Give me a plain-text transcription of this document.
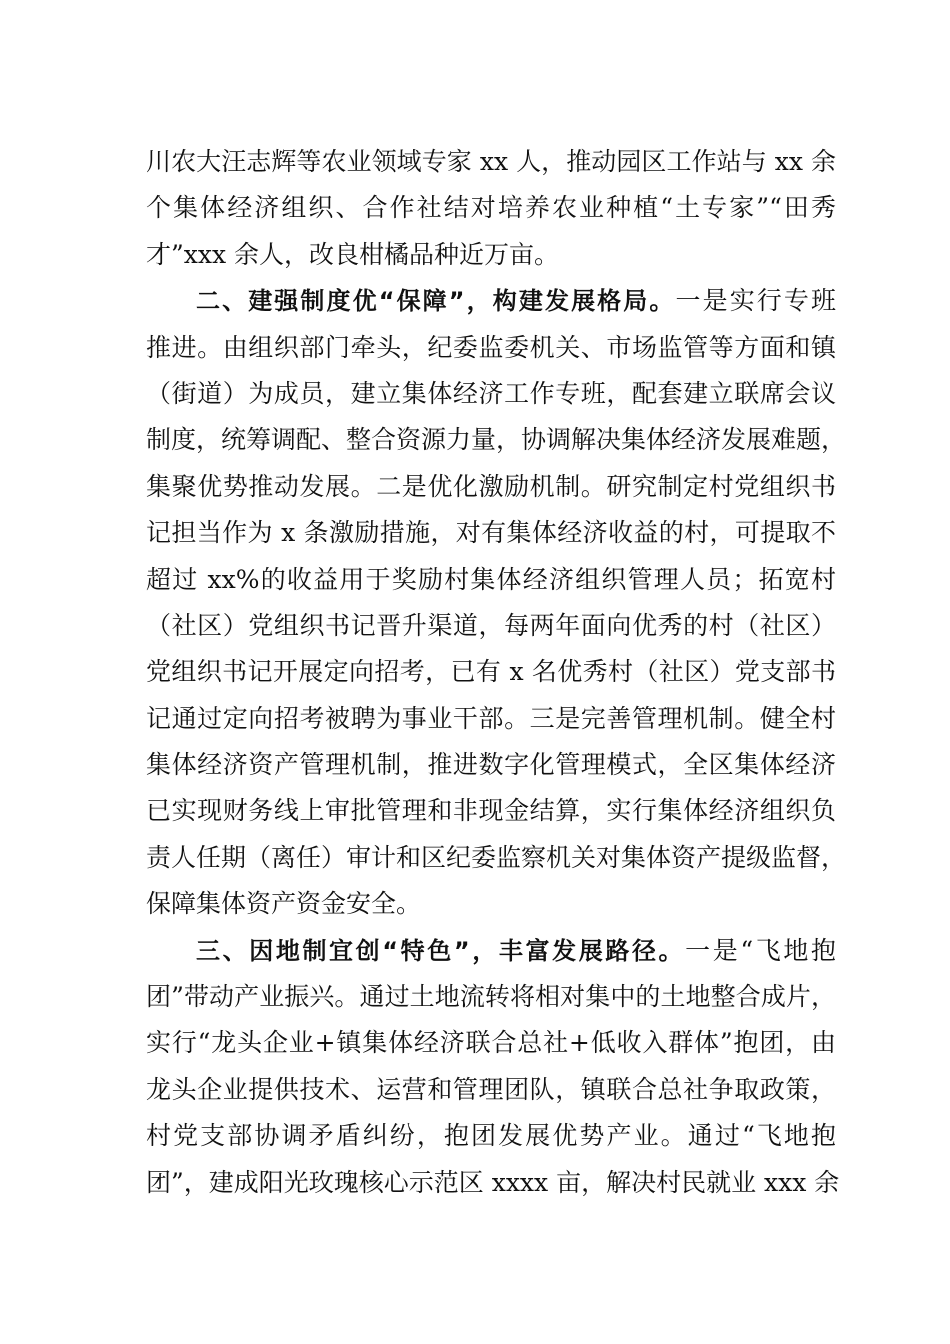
川农大汪志辉等农业领域专家 xx 人，推动园区工作站与 xx 余
个集体经济组织、合作社结对培养农业种植“土专家”“田秀
才”xxx 余人，改良柑橘品种近万亩。
二、建强制度优“保障”，构建发展格局。一是实行专班
推进。由组织部门牵头，纪委监委机关、市场监管等方面和镇
（街道）为成员，建立集体经济工作专班，配套建立联席会议
制度，统筹调配、整合资源力量，协调解决集体经济发展难题，
集聚优势推动发展。二是优化激励机制。研究制定村党组织书
记担当作为 x 条激励措施，对有集体经济收益的村，可提取不
超过 xx%的收益用于奖励村集体经济组织管理人员；拓宽村
（社区）党组织书记晋升渠道，每两年面向优秀的村（社区）
党组织书记开展定向招考，已有 x 名优秀村（社区）党支部书
记通过定向招考被聘为事业干部。三是完善管理机制。健全村
集体经济资产管理机制，推进数字化管理模式，全区集体经济
已实现财务线上审批管理和非现金结算，实行集体经济组织负
责人任期（离任）审计和区纪委监察机关对集体资产提级监督，
保障集体资产资金安全。
三、因地制宜创“特色”，丰富发展路径。一是“飞地抱
团”带动产业振兴。通过土地流转将相对集中的土地整合成片，
实行“龙头企业+镇集体经济联合总社+低收入群体”抱团，由
龙头企业提供技术、运营和管理团队，镇联合总社争取政策，
村党支部协调矛盾纠纷，抱团发展优势产业。通过“飞地抱
团”，建成阳光玫瑰核心示范区 xxxx 亩，解决村民就业 xxx 余
